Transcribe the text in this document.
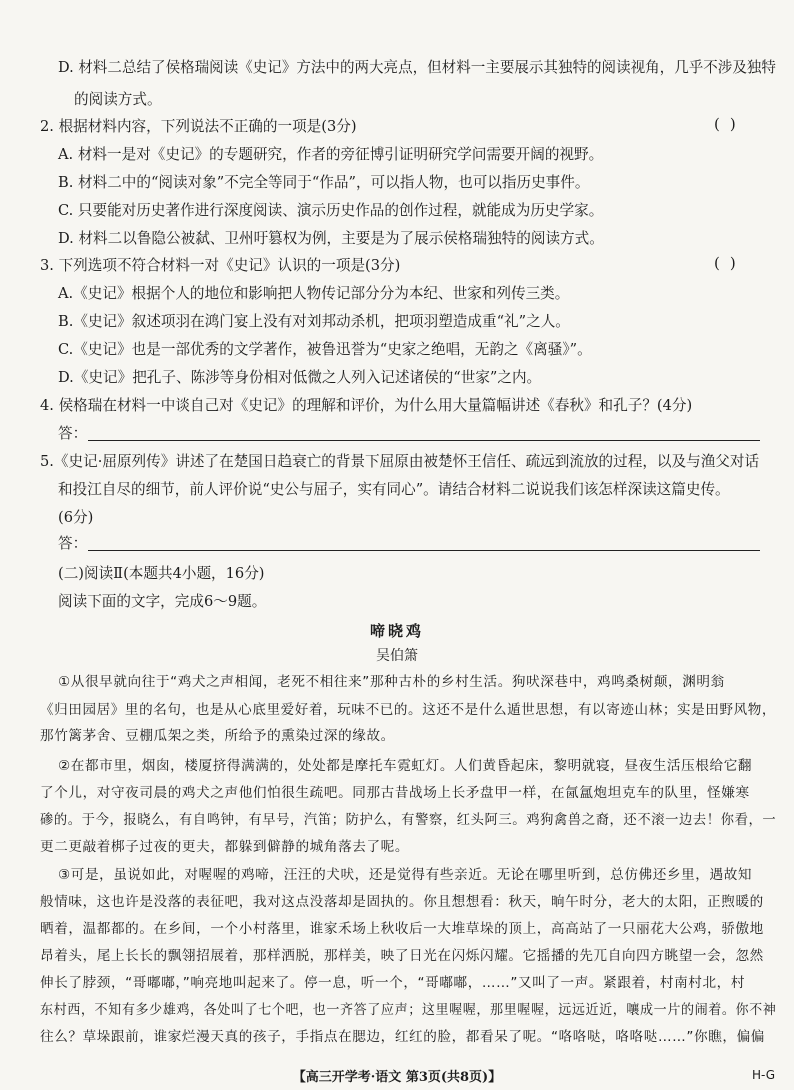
D. 材料二总结了侯格瑞阅读《史记》方法中的两大亮点，但材料一主要展示其独特的阅读视角，几乎不涉及独特
的阅读方式。
2. 根据材料内容，下列说法不正确的一项是(3分)	()
A. 材料一是对《史记》的专题研究，作者的旁征博引证明研究学问需要开阔的视野。
B. 材料二中的“阅读对象”不完全等同于“作品”，可以指人物，也可以指历史事件。
C. 只要能对历史著作进行深度阅读、演示历史作品的创作过程，就能成为历史学家。
D. 材料二以鲁隐公被弑、卫州吁篡权为例，主要是为了展示侯格瑞独特的阅读方式。
3. 下列选项不符合材料一对《史记》认识的一项是(3分)	()
A.《史记》根据个人的地位和影响把人物传记部分分为本纪、世家和列传三类。
B.《史记》叙述项羽在鸿门宴上没有对刘邦动杀机，把项羽塑造成重“礼”之人。
C.《史记》也是一部优秀的文学著作，被鲁迅誉为“史家之绝唱，无韵之《离骚》”。
D.《史记》把孔子、陈涉等身份相对低微之人列入记述诸侯的“世家”之内。
4. 侯格瑞在材料一中谈自己对《史记》的理解和评价，为什么用大量篇幅讲述《春秋》和孔子？(4分)
答：
5.《史记·屈原列传》讲述了在楚国日趋衰亡的背景下屈原由被楚怀王信任、疏远到流放的过程，以及与渔父对话
和投江自尽的细节，前人评价说“史公与屈子，实有同心”。请结合材料二说说我们该怎样深读这篇史传。
(6分)
答：
(二)阅读Ⅱ(本题共4小题，16分)
阅读下面的文字，完成6～9题。
啼晓鸡
吴伯箫
①从很早就向往于“鸡犬之声相闻，老死不相往来”那种古朴的乡村生活。狗吠深巷中，鸡鸣桑树颠，渊明翁
《归田园居》里的名句，也是从心底里爱好着，玩味不已的。这还不是什么遁世思想，有以寄迹山林；实是田野风物，
那竹篱茅舍、豆棚瓜架之类，所给予的熏染过深的缘故。
②在都市里，烟囱，楼厦挤得满满的，处处都是摩托车霓虹灯。人们黄昏起床，黎明就寝，昼夜生活压根给它翻
了个儿，对守夜司晨的鸡犬之声他们怕很生疏吧。同那古昔战场上长矛盘甲一样，在氤氲炮坦克车的队里，怪嫌寒
碜的。于今，报晓么，有自鸣钟，有早号，汽笛；防护么，有警察，红头阿三。鸡狗禽兽之裔，还不滚一边去！你看，一
更二更敲着梆子过夜的更夫，都躲到僻静的城角落去了呢。
③可是，虽说如此，对喔喔的鸡啼，汪汪的犬吠，还是觉得有些亲近。无论在哪里听到，总仿佛还乡里，遇故知
般情味，这也许是没落的表征吧，我对这点没落却是固执的。你且想想看：秋天，晌午时分，老大的太阳，正煦暖的
晒着，温都都的。在乡间，一个小村落里，谁家禾场上秋收后一大堆草垛的顶上，高高站了一只丽花大公鸡，骄傲地
昂着头，尾上长长的飘翎招展着，那样洒脱，那样美，映了日光在闪烁闪耀。它摇播的先兀自向四方眺望一会，忽然
伸长了脖颈，“哥嘟嘟，”响亮地叫起来了。停一息，听一个，“哥嘟嘟，……”又叫了一声。紧跟着，村南村北，村
东村西，不知有多少雄鸡，各处叫了七个吧，也一齐答了应声；这里喔喔，那里喔喔，远远近近，嚷成一片的闹着。你不神
往么？草垛跟前，谁家烂漫天真的孩子，手指点在腮边，红红的脸，都看呆了呢。“咯咯哒，咯咯哒……”你瞧，偏偏
【高三开学考·语文 第3页(共8页)】	H-G
